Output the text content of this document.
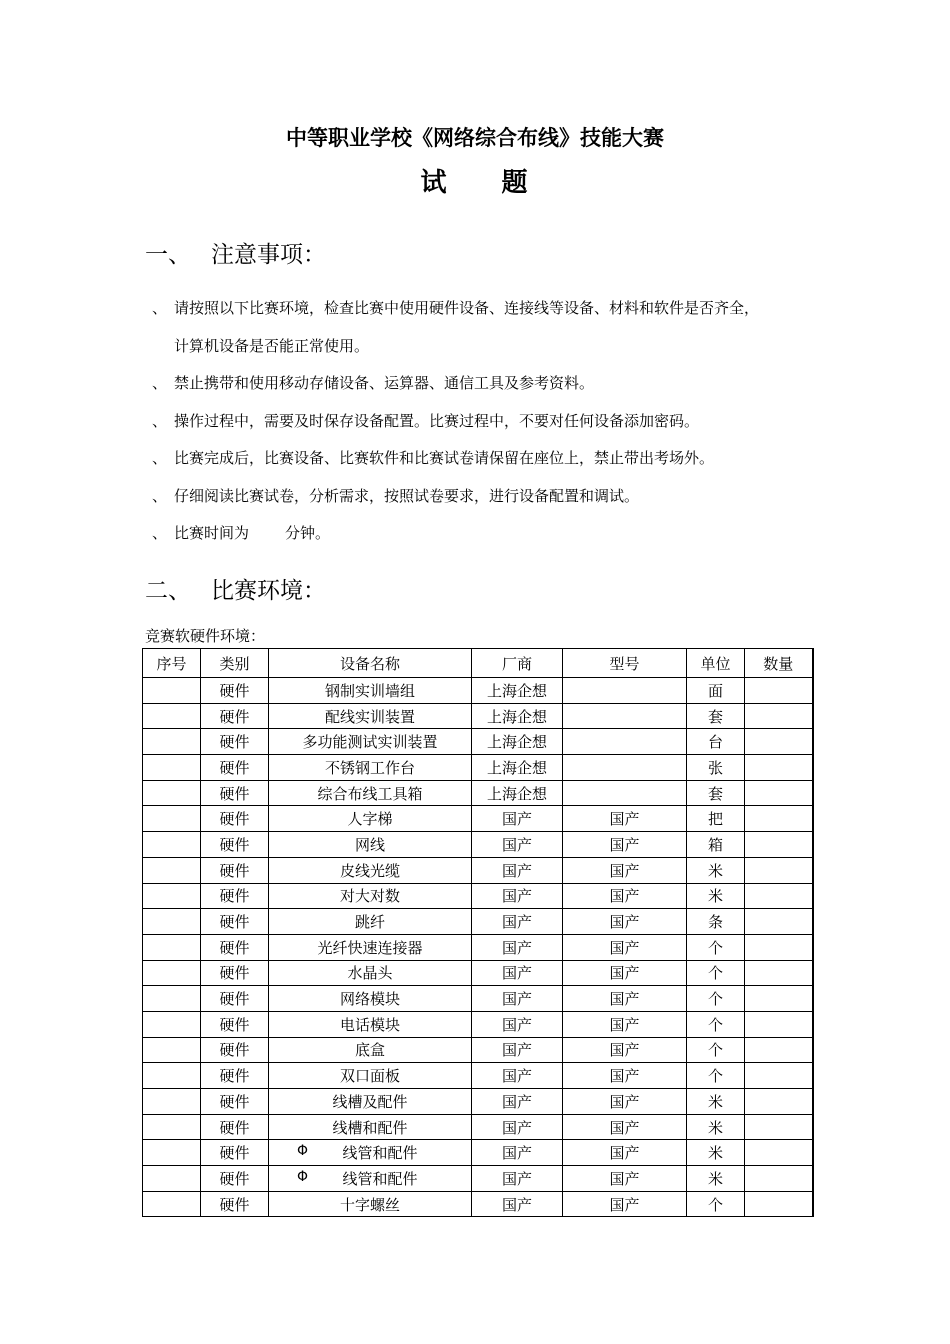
中等职业学校《网络综合布线》技能大赛
试 题
一、 注意事项：
、 请按照以下比赛环境，检查比赛中使用硬件设备、连接线等设备、材料和软件是否齐全，
计算机设备是否能正常使用。
、 禁止携带和使用移动存储设备、运算器、通信工具及参考资料。
、 操作过程中，需要及时保存设备配置。比赛过程中，不要对任何设备添加密码。
、 比赛完成后，比赛设备、比赛软件和比赛试卷请保留在座位上，禁止带出考场外。
、 仔细阅读比赛试卷，分析需求，按照试卷要求，进行设备配置和调试。
、 比赛时间为 分钟。
二、 比赛环境：
竞赛软硬件环境：
序号	类别	设备名称	厂商	型号	单位	数量
	硬件	钢制实训墙组	上海企想		面	
	硬件	配线实训装置	上海企想		套	
	硬件	多功能测试实训装置	上海企想		台	
	硬件	不锈钢工作台	上海企想		张	
	硬件	综合布线工具箱	上海企想		套	
	硬件	人字梯	国产	国产	把	
	硬件	网线	国产	国产	箱	
	硬件	皮线光缆	国产	国产	米	
	硬件	对大对数	国产	国产	米	
	硬件	跳纤	国产	国产	条	
	硬件	光纤快速连接器	国产	国产	个	
	硬件	水晶头	国产	国产	个	
	硬件	网络模块	国产	国产	个	
	硬件	电话模块	国产	国产	个	
	硬件	底盒	国产	国产	个	
	硬件	双口面板	国产	国产	个	
	硬件	线槽及配件	国产	国产	米	
	硬件	线槽和配件	国产	国产	米	
	硬件	Φ 线管和配件	国产	国产	米	
	硬件	Φ 线管和配件	国产	国产	米	
	硬件	十字螺丝	国产	国产	个	
